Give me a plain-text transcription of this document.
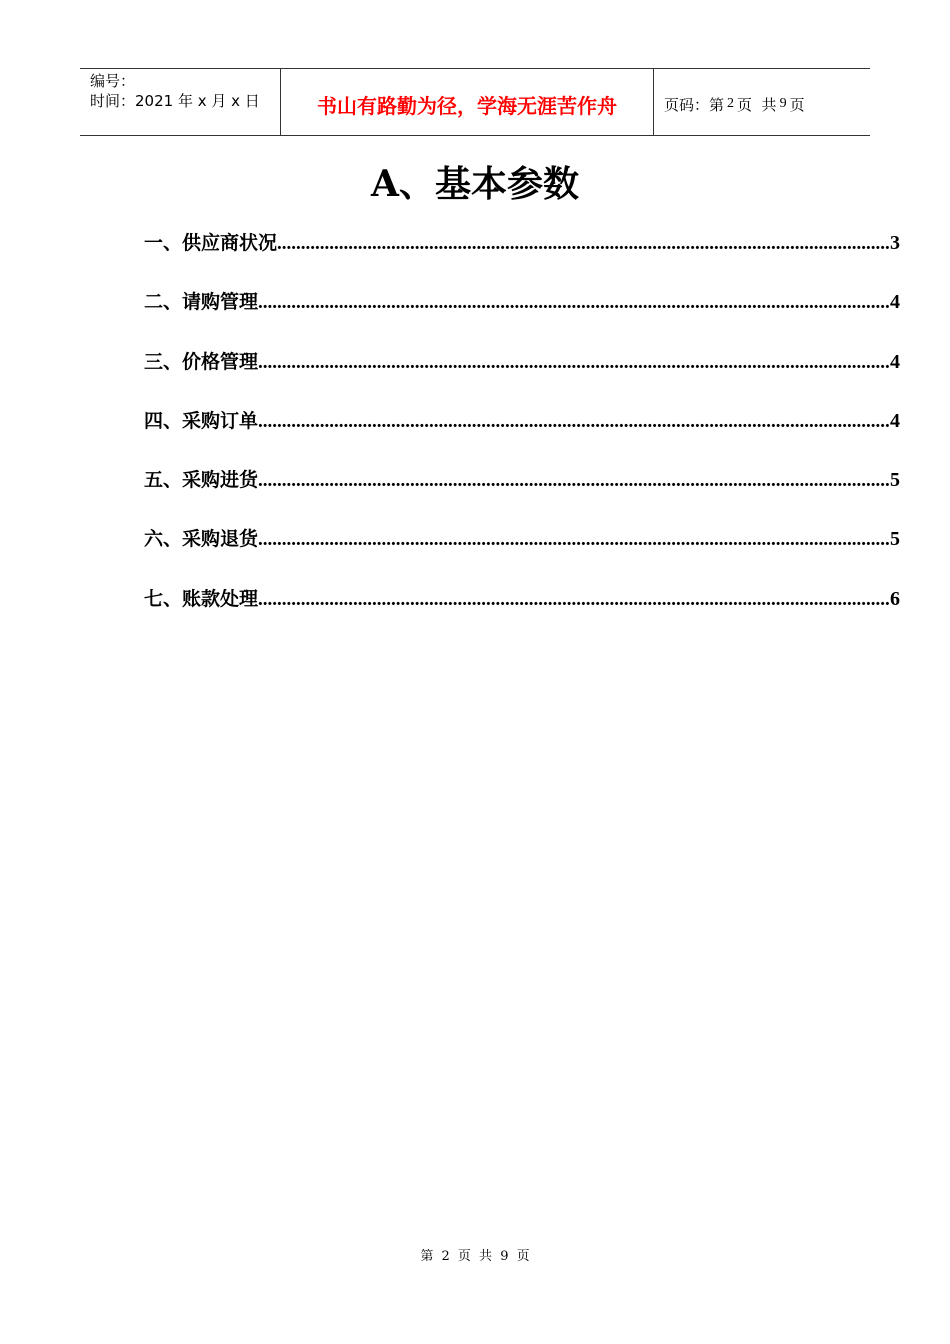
编号：
时间：2021 年 x 月 x 日	书山有路勤为径，学海无涯苦作舟	页码：第 2 页  共 9 页
A、基本参数
一、供应商状况 .....	3
二、请购管理 .....	4
三、价格管理 .....	4
四、采购订单 .....	4
五、采购进货 .....	5
六、采购退货 .....	5
七、账款处理 .....	6
第 2 页 共 9 页
